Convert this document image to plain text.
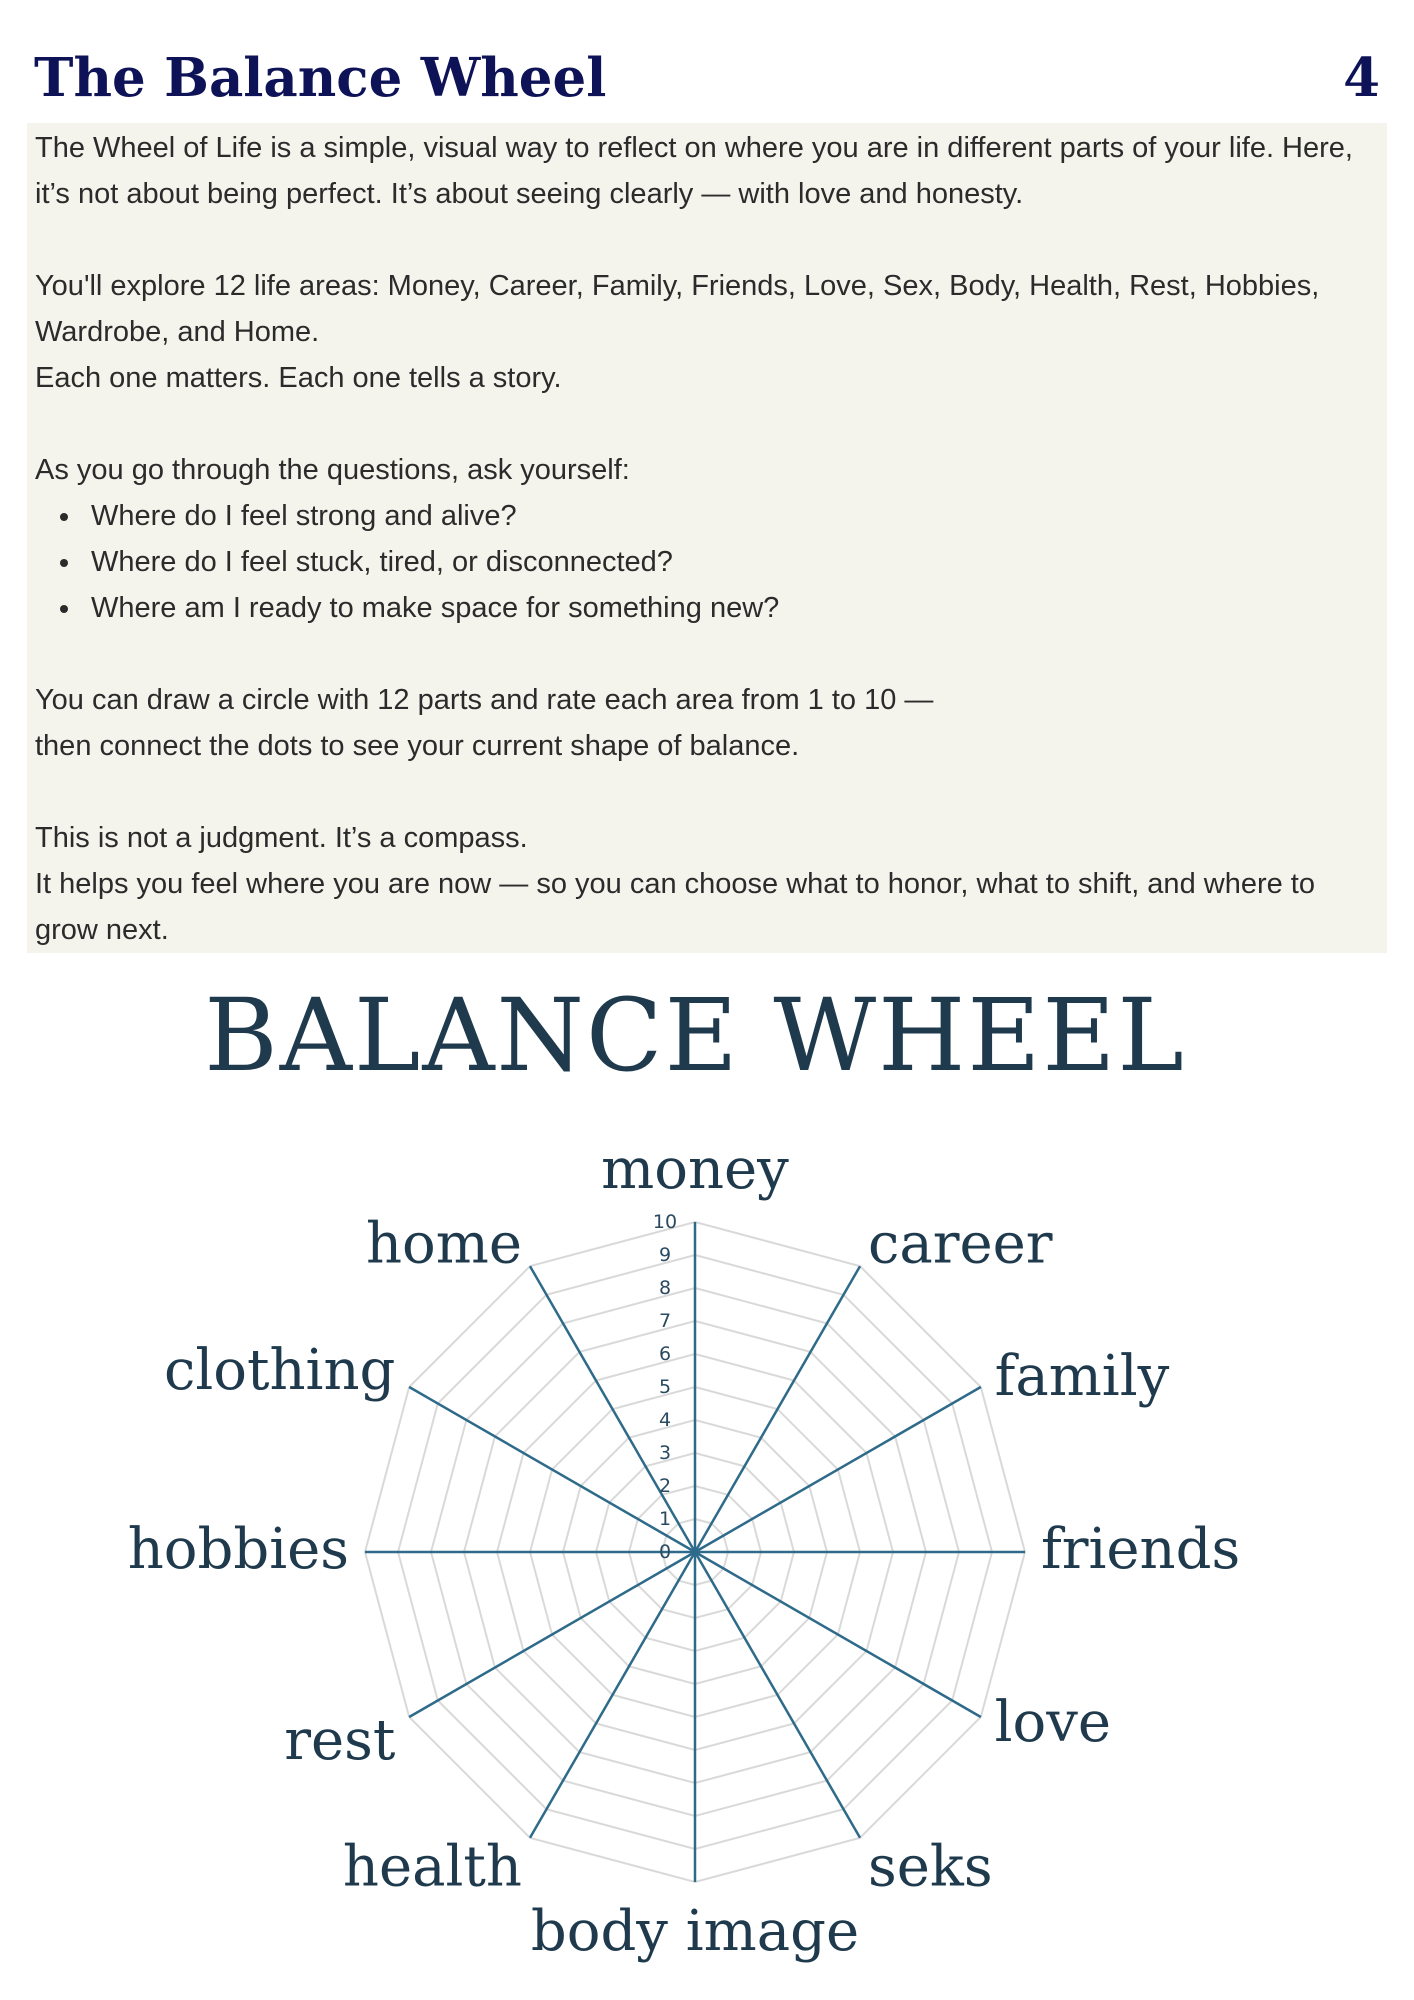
The Balance Wheel	4

The Wheel of Life is a simple, visual way to reflect on where you are in different parts of your life. Here, it’s not about being perfect. It’s about seeing clearly — with love and honesty.

You'll explore 12 life areas: Money, Career, Family, Friends, Love, Sex, Body, Health, Rest, Hobbies, Wardrobe, and Home.

Each one matters. Each one tells a story.

As you go through the questions, ask yourself:

• Where do I feel strong and alive?
• Where do I feel stuck, tired, or disconnected?
• Where am I ready to make space for something new?

You can draw a circle with 12 parts and rate each area from 1 to 10 —

then connect the dots to see your current shape of balance.

This is not a judgment. It’s a compass.

It helps you feel where you are now — so you can choose what to honor, what to shift, and where to grow next.

BALANCE WHEEL
0
1
2
3
4
5
6
7
8
9
10
money
career
family
friends
love
seks
body image
health
rest
hobbies
clothing
home
